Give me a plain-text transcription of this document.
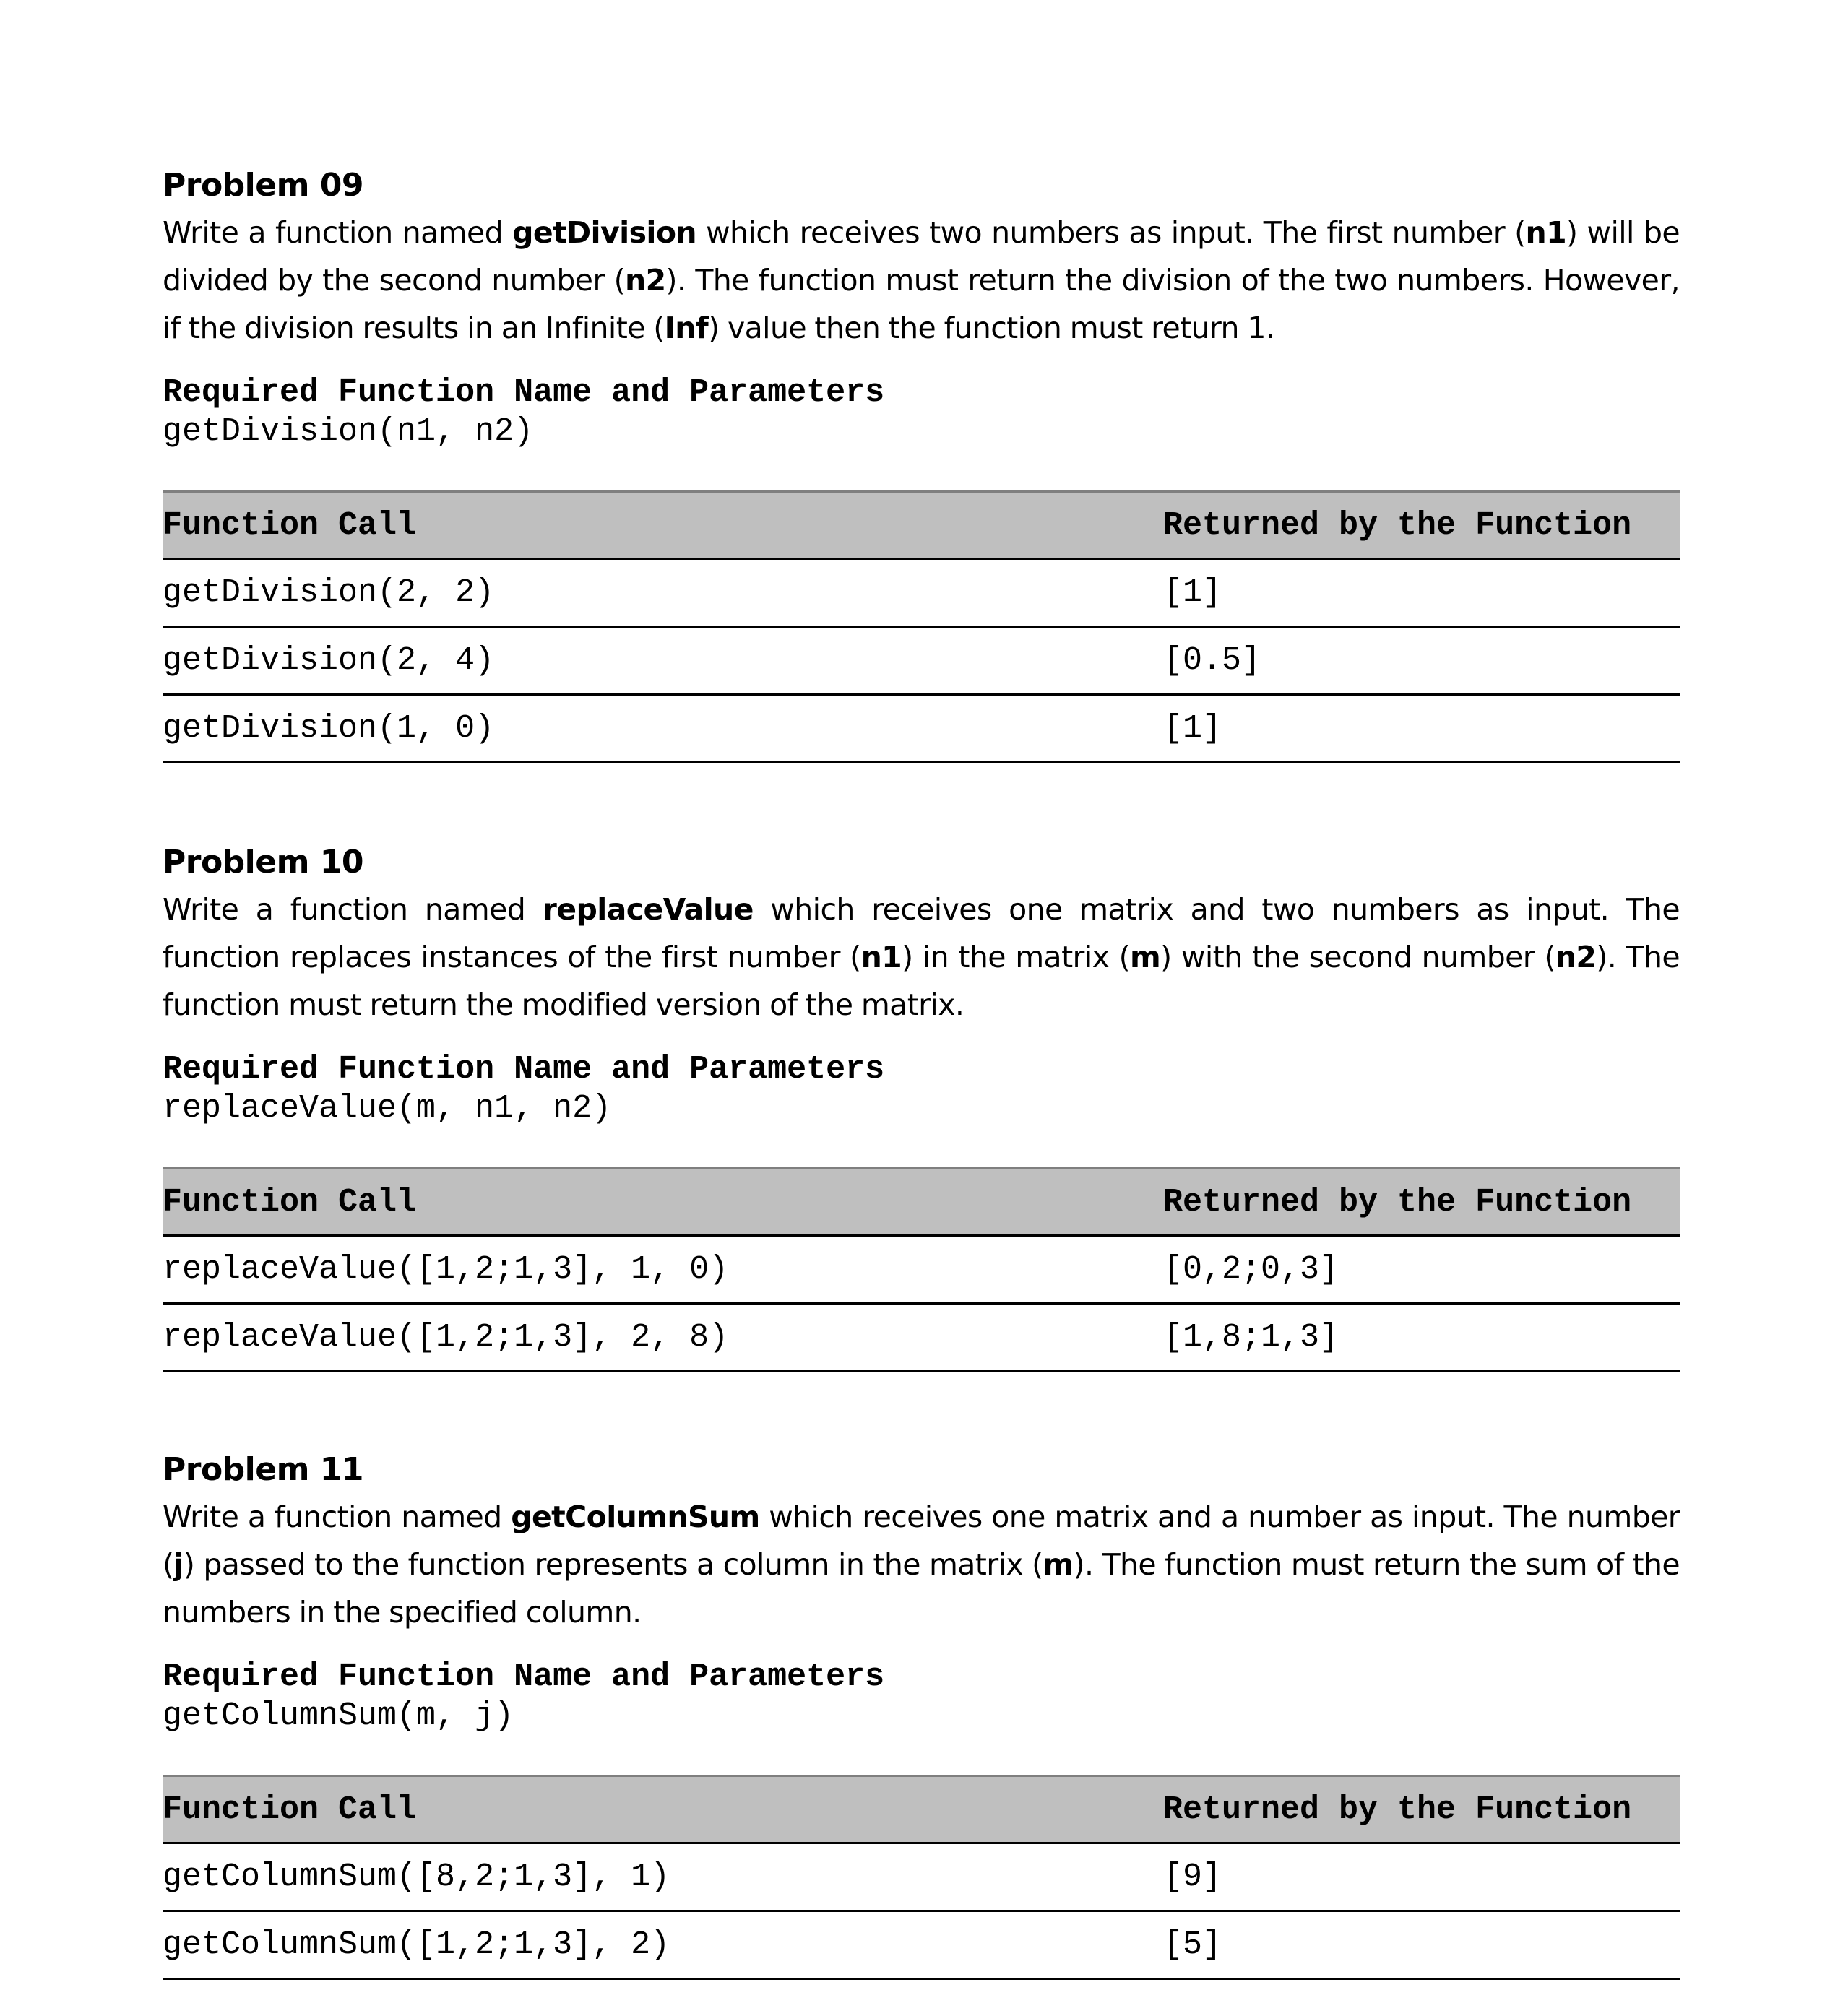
Problem 09
Write a function named getDivision which receives two numbers as input. The first number (n1) will be divided by the second number (n2). The function must return the division of the two numbers. However, if the division results in an Infinite (Inf) value then the function must return 1.
Required Function Name and Parameters
getDivision(n1, n2)
Function Call	Returned by the Function
getDivision(2, 2)	[1]
getDivision(2, 4)	[0.5]
getDivision(1, 0)	[1]
Problem 10
Write a function named replaceValue which receives one matrix and two numbers as input. The function replaces instances of the first number (n1) in the matrix (m) with the second number (n2). The function must return the modified version of the matrix.
Required Function Name and Parameters
replaceValue(m, n1, n2)
Function Call	Returned by the Function
replaceValue([1,2;1,3], 1, 0)	[0,2;0,3]
replaceValue([1,2;1,3], 2, 8)	[1,8;1,3]
Problem 11
Write a function named getColumnSum which receives one matrix and a number as input. The number (j) passed to the function represents a column in the matrix (m). The function must return the sum of the numbers in the specified column.
Required Function Name and Parameters
getColumnSum(m, j)
Function Call	Returned by the Function
getColumnSum([8,2;1,3], 1)	[9]
getColumnSum([1,2;1,3], 2)	[5]
